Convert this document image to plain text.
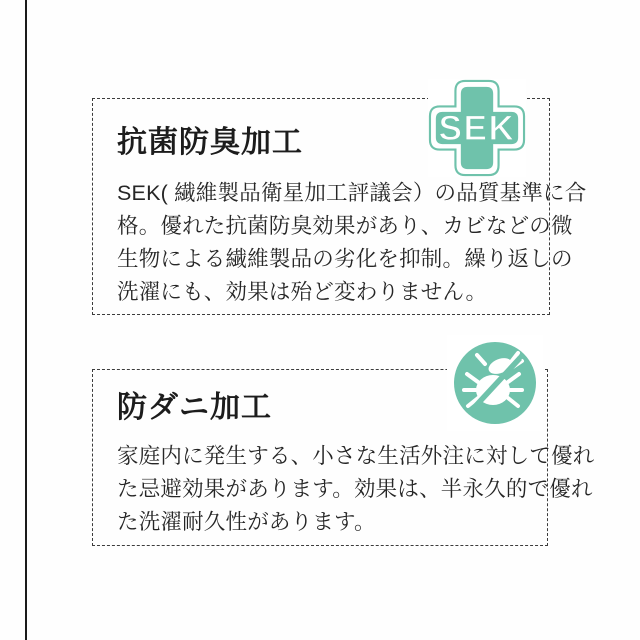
抗菌防臭加工

SEK( 繊維製品衛星加工評議会）の品質基準に合
格。優れた抗菌防臭効果があり、カビなどの微
生物による繊維製品の劣化を抑制。繰り返しの
洗濯にも、効果は殆ど変わりません。

SEK
防ダニ加工

家庭内に発生する、小さな生活外注に対して優れ
た忌避効果があります。効果は、半永久的で優れ
た洗濯耐久性があります。
